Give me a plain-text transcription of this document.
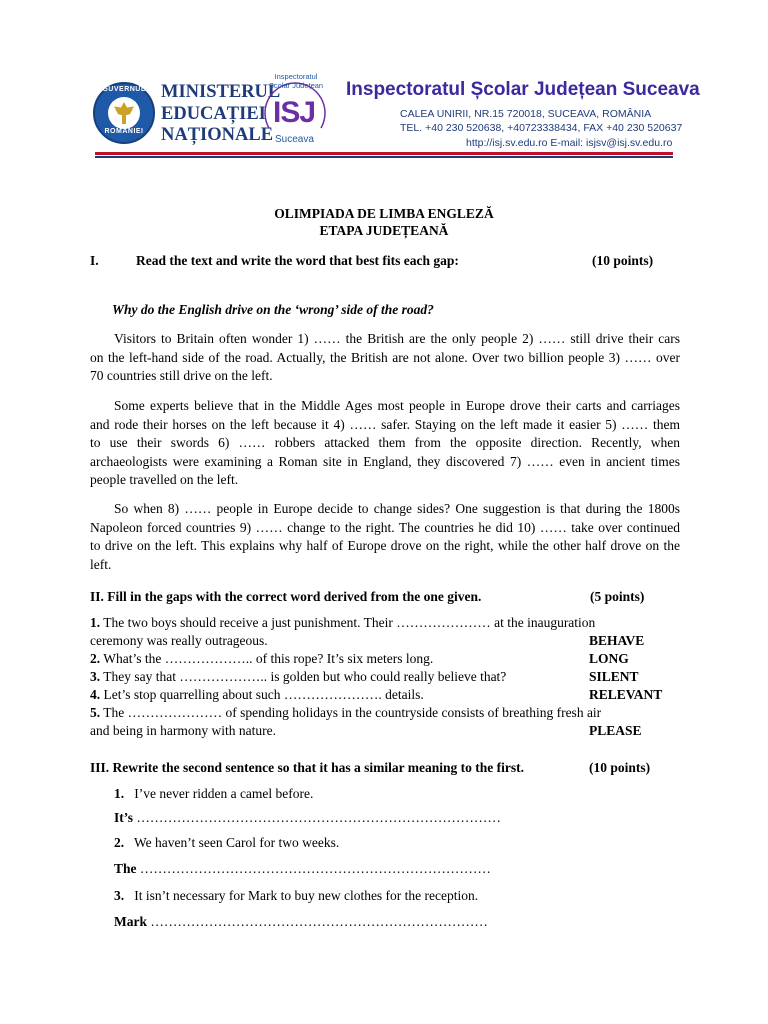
GUVERNUL
ROMÂNIEI
MINISTERUL
EDUCAȚIEI
NAȚIONALE
Inspectoratul Școlar Județean
ISJ
Suceava
Inspectoratul Școlar Județean Suceava
CALEA UNIRII, NR.15 720018, SUCEAVA, ROMÂNIA
TEL. +40 230 520638, +40723338434, FAX +40 230 520637
http://isj.sv.edu.ro E-mail: isjsv@isj.sv.edu.ro
OLIMPIADA DE LIMBA ENGLEZĂ
ETAPA JUDEȚEANĂ
I.	Read the text and write the word that best fits each gap:	(10 points)
Why do the English drive on the ‘wrong’ side of the road?
Visitors to Britain often wonder 1) …… the British are the only people 2) …… still drive their cars
on the left-hand side of the road. Actually, the British are not alone. Over two billion people 3) …… over
70 countries still drive on the left.
Some experts believe that in the Middle Ages most people in Europe drove their carts and carriages
and rode their horses on the left because it 4) …… safer. Staying on the left made it easier 5) …… them
to use their swords 6) …… robbers attacked them from the opposite direction. Recently, when
archaeologists were examining a Roman site in England, they discovered 7) …… even in ancient times
people travelled on the left.
So when 8) …… people in Europe decide to change sides? One suggestion is that during the 1800s
Napoleon forced countries 9) …… change to the right. The countries he did 10) …… take over continued
to drive on the left. This explains why half of Europe drove on the right, while the other half drove on the
left.
II. Fill in the gaps with the correct word derived from the one given.	(5 points)
1. The two boys should receive a just punishment. Their ………………… at the inauguration
ceremony was really outrageous.	BEHAVE
2. What’s the ……………….. of this rope? It’s six meters long.	LONG
3. They say that ……………….. is golden but who could really believe that?	SILENT
4. Let’s stop quarrelling about such …………………. details.	RELEVANT
5. The ………………… of spending holidays in the countryside consists of breathing fresh air
and being in harmony with nature.	PLEASE
III. Rewrite the second sentence so that it has a similar meaning to the first.	(10 points)
1. I’ve never ridden a camel before.
It’s ………………………………………………………………………
2. We haven’t seen Carol for two weeks.
The ……………………………………………………………………
3. It isn’t necessary for Mark to buy new clothes for the reception.
Mark …………………………………………………………………
